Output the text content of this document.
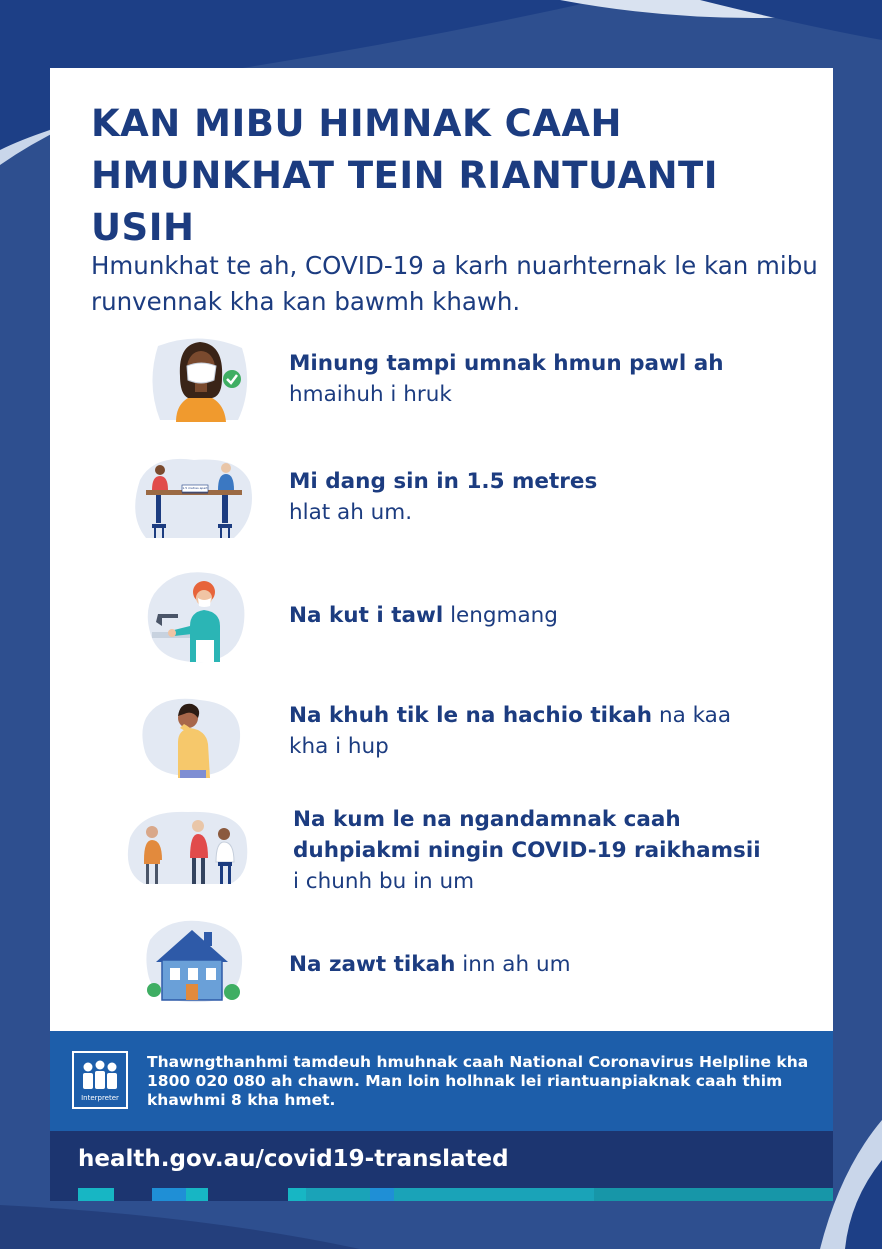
KAN MIBU HIMNAK CAAH HMUNKHAT TEIN RIANTUANTI USIH

Hmunkhat te ah, COVID-19 a karh nuarhternak le kan mibu runvennak kha kan bawmh khawh.

Minung tampi umnak hmun pawl ah
hmaihuh i hruk
1.5 metres apart	Mi dang sin in 1.5 metres
hlat ah um.
Na kut i tawl lengmang
Na khuh tik le na hachio tikah na kaa kha i hup
Na kum le na ngandamnak caah duhpiakmi ningin COVID-19 raikhamsii i chunh bu in um
Na zawt tikah inn ah um
Interpreter
Thawngthanhmi tamdeuh hmuhnak caah National Coronavirus Helpline kha 1800 020 080 ah chawn. Man loin holhnak lei riantuanpiaknak caah thim khawhmi 8 kha hmet.
health.gov.au/covid19-translated
